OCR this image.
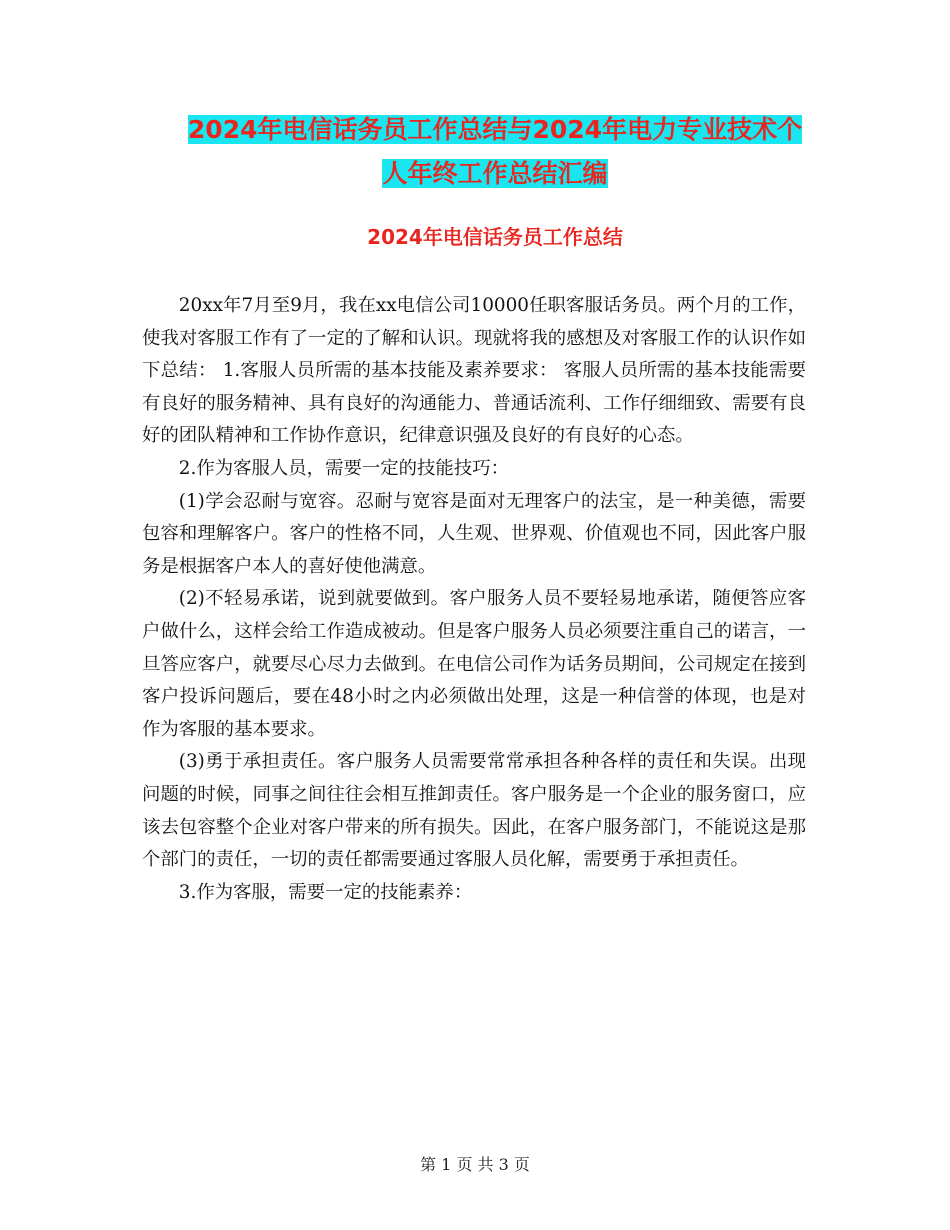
2024年电信话务员工作总结与2024年电力专业技术个
人年终工作总结汇编
2024年电信话务员工作总结

20xx年7月至9月，我在xx电信公司10000任职客服话务员。两个月的工作，使我对客服工作有了一定的了解和认识。现就将我的感想及对客服工作的认识作如下总结： 1.客服人员所需的基本技能及素养要求： 客服人员所需的基本技能需要有良好的服务精神、具有良好的沟通能力、普通话流利、工作仔细细致、需要有良好的团队精神和工作协作意识，纪律意识强及良好的有良好的心态。

2.作为客服人员，需要一定的技能技巧：

(1)学会忍耐与宽容。忍耐与宽容是面对无理客户的法宝，是一种美德，需要包容和理解客户。客户的性格不同，人生观、世界观、价值观也不同，因此客户服务是根据客户本人的喜好使他满意。

(2)不轻易承诺，说到就要做到。客户服务人员不要轻易地承诺，随便答应客户做什么，这样会给工作造成被动。但是客户服务人员必须要注重自己的诺言，一旦答应客户，就要尽心尽力去做到。在电信公司作为话务员期间，公司规定在接到客户投诉问题后，要在48小时之内必须做出处理，这是一种信誉的体现，也是对作为客服的基本要求。

(3)勇于承担责任。客户服务人员需要常常承担各种各样的责任和失误。出现问题的时候，同事之间往往会相互推卸责任。客户服务是一个企业的服务窗口，应该去包容整个企业对客户带来的所有损失。因此，在客户服务部门，不能说这是那个部门的责任，一切的责任都需要通过客服人员化解，需要勇于承担责任。

3.作为客服，需要一定的技能素养：

第 1 页 共 3 页
